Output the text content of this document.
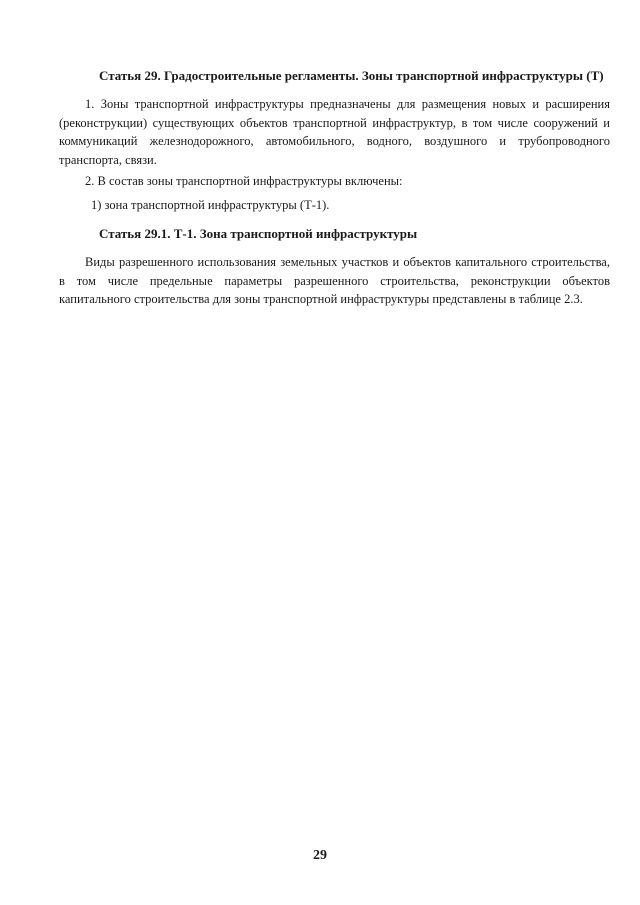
Статья 29. Градостроительные регламенты. Зоны транспортной инфраструктуры (Т)
1. Зоны транспортной инфраструктуры предназначены для размещения новых и расширения (реконструкции) существующих объектов транспортной инфраструктур, в том числе сооружений и коммуникаций железнодорожного, автомобильного, водного, воздушного и трубопроводного транспорта, связи.
2. В состав зоны транспортной инфраструктуры включены:
1) зона транспортной инфраструктуры (Т-1).
Статья 29.1. Т-1. Зона транспортной инфраструктуры
Виды разрешенного использования земельных участков и объектов капитального строительства, в том числе предельные параметры разрешенного строительства, реконструкции объектов капитального строительства для зоны транспортной инфраструктуры представлены в таблице 2.3.
29
